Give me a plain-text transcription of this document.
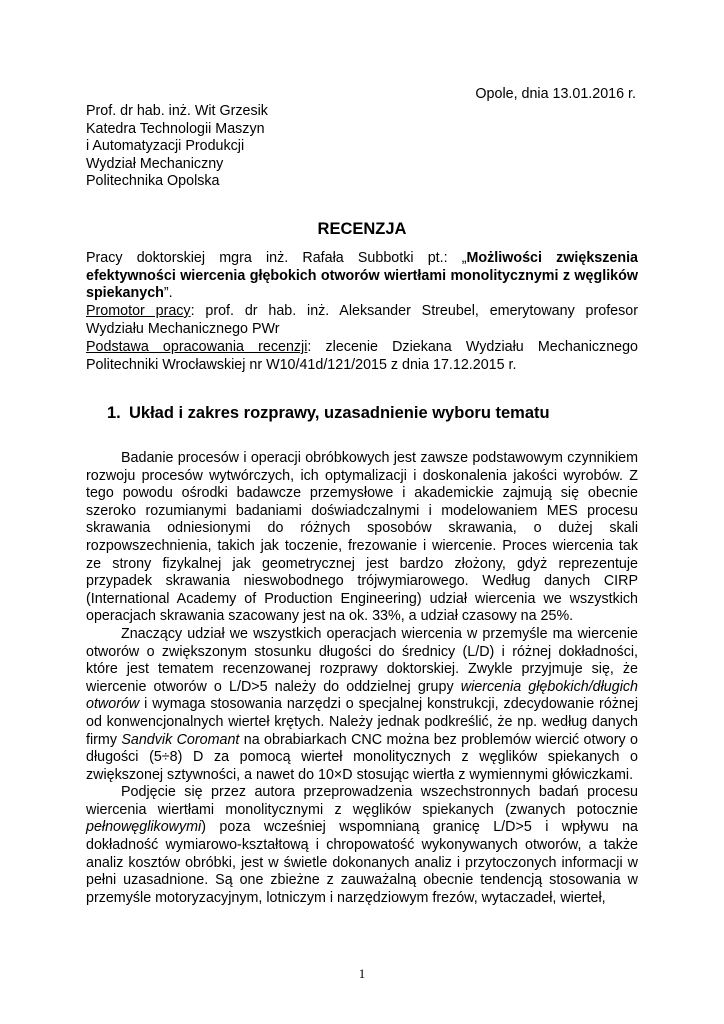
Opole, dnia 13.01.2016 r.
Prof. dr hab. inż. Wit Grzesik
Katedra Technologii Maszyn
i Automatyzacji Produkcji
Wydział Mechaniczny
Politechnika Opolska
RECENZJA
Pracy doktorskiej mgra inż. Rafała Subbotki pt.: „Możliwości zwiększenia efektywności wiercenia głębokich otworów wiertłami monolitycznymi z węglików spiekanych”.
Promotor pracy: prof. dr hab. inż. Aleksander Streubel, emerytowany profesor Wydziału Mechanicznego PWr
Podstawa opracowania recenzji: zlecenie Dziekana Wydziału Mechanicznego Politechniki Wrocławskiej nr W10/41d/121/2015 z dnia 17.12.2015 r.
1. Układ i zakres rozprawy, uzasadnienie wyboru tematu

Badanie procesów i operacji obróbkowych jest zawsze podstawowym czynnikiem rozwoju procesów wytwórczych, ich optymalizacji i doskonalenia jakości wyrobów. Z tego powodu ośrodki badawcze przemysłowe i akademickie zajmują się obecnie szeroko rozumianymi badaniami doświadczalnymi i modelowaniem MES procesu skrawania odniesionymi do różnych sposobów skrawania, o dużej skali rozpowszechnienia, takich jak toczenie, frezowanie i wiercenie. Proces wiercenia tak ze strony fizykalnej jak geometrycznej jest bardzo złożony, gdyż reprezentuje przypadek skrawania nieswobodnego trójwymiarowego. Według danych CIRP (International Academy of Production Engineering) udział wiercenia we wszystkich operacjach skrawania szacowany jest na ok. 33%, a udział czasowy na 25%.

Znaczący udział we wszystkich operacjach wiercenia w przemyśle ma wiercenie otworów o zwiększonym stosunku długości do średnicy (L/D) i różnej dokładności, które jest tematem recenzowanej rozprawy doktorskiej. Zwykle przyjmuje się, że wiercenie otworów o L/D>5 należy do oddzielnej grupy wiercenia głębokich/długich otworów i wymaga stosowania narzędzi o specjalnej konstrukcji, zdecydowanie różnej od konwencjonalnych wierteł krętych. Należy jednak podkreślić, że np. według danych firmy Sandvik Coromant na obrabiarkach CNC można bez problemów wiercić otwory o długości (5÷8) D za pomocą wierteł monolitycznych z węglików spiekanych o zwiększonej sztywności, a nawet do 10×D stosując wiertła z wymiennymi główiczkami.

Podjęcie się przez autora przeprowadzenia wszechstronnych badań procesu wiercenia wiertłami monolitycznymi z węglików spiekanych (zwanych potocznie pełnowęglikowymi) poza wcześniej wspomnianą granicę L/D>5 i wpływu na dokładność wymiarowo-kształtową i chropowatość wykonywanych otworów, a także analiz kosztów obróbki, jest w świetle dokonanych analiz i przytoczonych informacji w pełni uzasadnione. Są one zbieżne z zauważalną obecnie tendencją stosowania w przemyśle motoryzacyjnym, lotniczym i narzędziowym frezów, wytaczadeł, wierteł,

1
